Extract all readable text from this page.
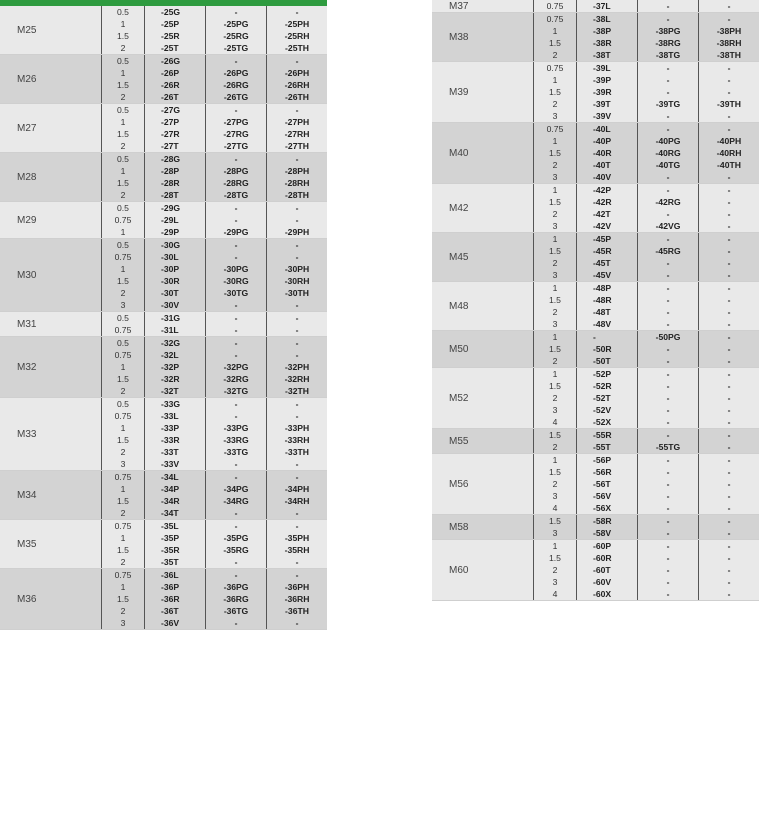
M25
0.5	-25G	-	-
1	-25P	-25PG	-25PH
1.5	-25R	-25RG	-25RH
2	-25T	-25TG	-25TH
M26
0.5	-26G	-	-
1	-26P	-26PG	-26PH
1.5	-26R	-26RG	-26RH
2	-26T	-26TG	-26TH
M27
0.5	-27G	-	-
1	-27P	-27PG	-27PH
1.5	-27R	-27RG	-27RH
2	-27T	-27TG	-27TH
M28
0.5	-28G	-	-
1	-28P	-28PG	-28PH
1.5	-28R	-28RG	-28RH
2	-28T	-28TG	-28TH
M29
0.5	-29G	-	-
0.75	-29L	-	-
1	-29P	-29PG	-29PH
M30
0.5	-30G	-	-
0.75	-30L	-	-
1	-30P	-30PG	-30PH
1.5	-30R	-30RG	-30RH
2	-30T	-30TG	-30TH
3	-30V	-	-
M31
0.5	-31G	-	-
0.75	-31L	-	-
M32
0.5	-32G	-	-
0.75	-32L	-	-
1	-32P	-32PG	-32PH
1.5	-32R	-32RG	-32RH
2	-32T	-32TG	-32TH
M33
0.5	-33G	-	-
0.75	-33L	-	-
1	-33P	-33PG	-33PH
1.5	-33R	-33RG	-33RH
2	-33T	-33TG	-33TH
3	-33V	-	-
M34
0.75	-34L	-	-
1	-34P	-34PG	-34PH
1.5	-34R	-34RG	-34RH
2	-34T	-	-
M35
0.75	-35L	-	-
1	-35P	-35PG	-35PH
1.5	-35R	-35RG	-35RH
2	-35T	-	-
M36
0.75	-36L	-	-
1	-36P	-36PG	-36PH
1.5	-36R	-36RG	-36RH
2	-36T	-36TG	-36TH
3	-36V	-	-
M37	0.75	-37L	-	-
M38
0.75	-38L	-	-
1	-38P	-38PG	-38PH
1.5	-38R	-38RG	-38RH
2	-38T	-38TG	-38TH
M39
0.75	-39L	-	-
1	-39P	-	-
1.5	-39R	-	-
2	-39T	-39TG	-39TH
3	-39V	-	-
M40
0.75	-40L	-	-
1	-40P	-40PG	-40PH
1.5	-40R	-40RG	-40RH
2	-40T	-40TG	-40TH
3	-40V	-	-
M42
1	-42P	-	-
1.5	-42R	-42RG	-
2	-42T	-	-
3	-42V	-42VG	-
M45
1	-45P	-	-
1.5	-45R	-45RG	-
2	-45T	-	-
3	-45V	-	-
M48
1	-48P	-	-
1.5	-48R	-	-
2	-48T	-	-
3	-48V	-	-
M50
1	-	-50PG	-
1.5	-50R	-	-
2	-50T	-	-
M52
1	-52P	-	-
1.5	-52R	-	-
2	-52T	-	-
3	-52V	-	-
4	-52X	-	-
M55
1.5	-55R	-	-
2	-55T	-55TG	-
M56
1	-56P	-	-
1.5	-56R	-	-
2	-56T	-	-
3	-56V	-	-
4	-56X	-	-
M58
1.5	-58R	-	-
3	-58V	-	-
M60
1	-60P	-	-
1.5	-60R	-	-
2	-60T	-	-
3	-60V	-	-
4	-60X	-	-
